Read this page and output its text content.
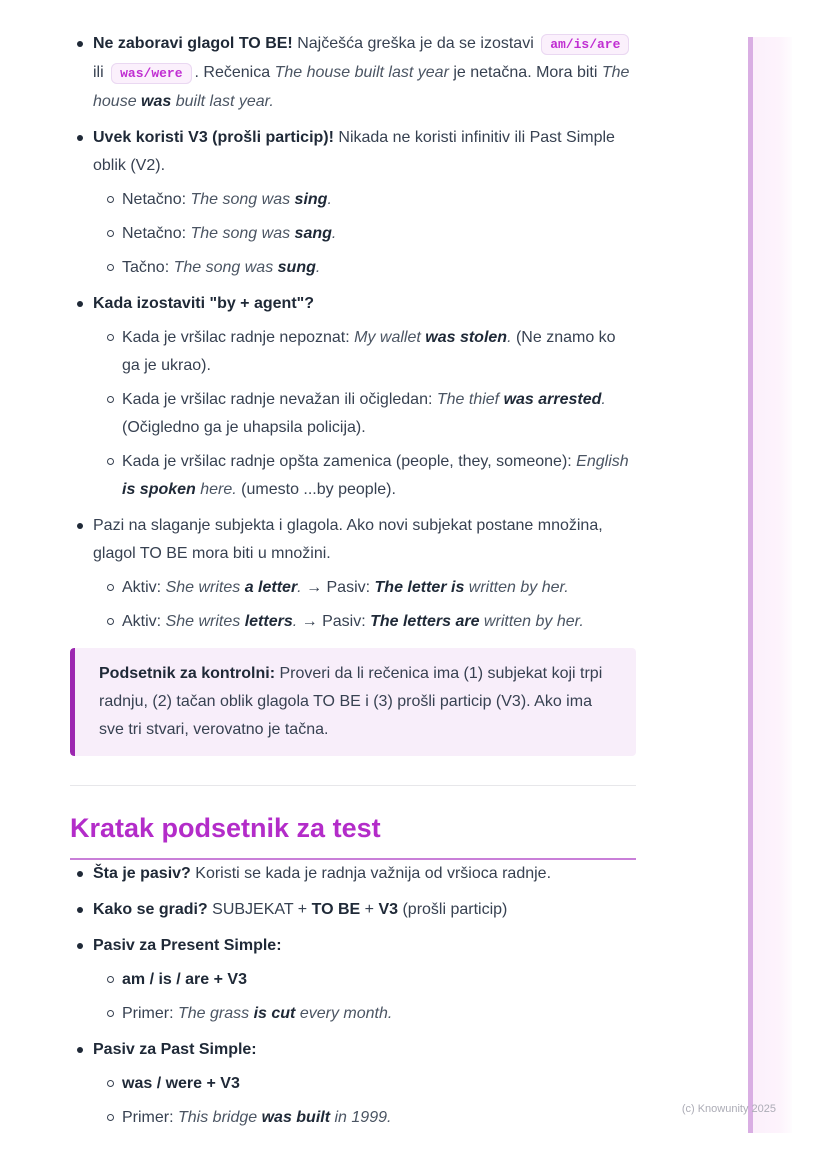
Ne zaboravi glagol TO BE! Najčešća greška je da se izostavi am/is/are ili was/were . Rečenica The house built last year je netačna. Mora biti The house was built last year.
Uvek koristi V3 (prošli particip)! Nikada ne koristi infinitiv ili Past Simple oblik (V2).
Netačno: The song was sing.
Netačno: The song was sang.
Tačno: The song was sung.
Kada izostaviti "by + agent"?
Kada je vršilac radnje nepoznat: My wallet was stolen. (Ne znamo ko ga je ukrao).
Kada je vršilac radnje nevažan ili očigledan: The thief was arrested. (Očigledno ga je uhapsila policija).
Kada je vršilac radnje opšta zamenica (people, they, someone): English is spoken here. (umesto ...by people).
Pazi na slaganje subjekta i glagola. Ako novi subjekat postane množina, glagol TO BE mora biti u množini.
Aktiv: She writes a letter. → Pasiv: The letter is written by her.
Aktiv: She writes letters. → Pasiv: The letters are written by her.
Podsetnik za kontrolni: Proveri da li rečenica ima (1) subjekat koji trpi radnju, (2) tačan oblik glagola TO BE i (3) prošli particip (V3). Ako ima sve tri stvari, verovatno je tačna.
Kratak podsetnik za test
Šta je pasiv? Koristi se kada je radnja važnija od vršioca radnje.
Kako se gradi? SUBJEKAT + TO BE + V3 (prošli particip)
Pasiv za Present Simple:
am / is / are + V3
Primer: The grass is cut every month.
Pasiv za Past Simple:
was / were + V3
Primer: This bridge was built in 1999.	(c) Knowunity 2025
